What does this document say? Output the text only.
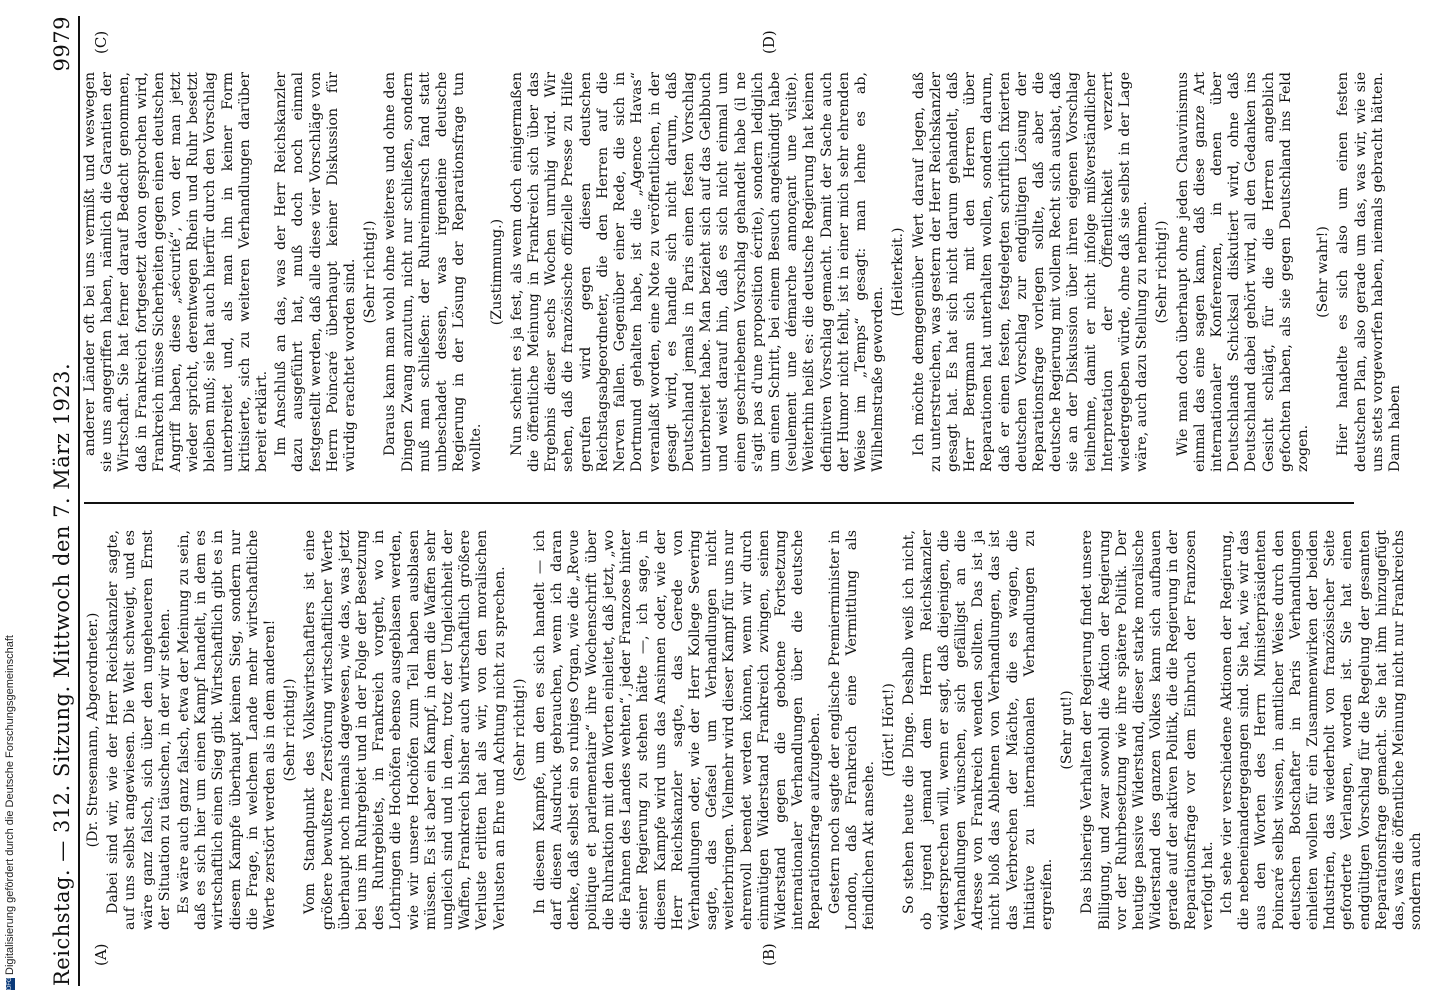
Reichstag. — 312. Sitzung. Mittwoch den 7. März 1923.
9979
(A)	(B)
(C)	(D)

(Dr. Stresemann, Abgeordneter.) Dabei sind wir, wie der Herr Reichskanzler sagte, auf uns selbst angewiesen. Die Welt schweigt, und es wäre ganz falsch, sich über den ungeheueren Ernst der Situation zu täuschen, in der wir stehen. Es wäre auch ganz falsch, etwa der Meinung zu sein, daß es sich hier um einen Kampf handelt, in dem es wirtschaftlich einen Sieg gibt. Wirtschaftlich gibt es in diesem Kampfe überhaupt keinen Sieg, sondern nur die Frage, in welchem Lande mehr wirtschaftliche Werte zerstört werden als in dem anderen! (Sehr richtig!) Vom Standpunkt des Volkswirtschaftlers ist eine größere bewußtere Zerstörung wirtschaftlicher Werte überhaupt noch niemals dagewesen, wie das, was jetzt bei uns im Ruhrgebiet und in der Folge der Besetzung des Ruhrgebiets, in Frankreich vorgeht, wo in Lothringen die Hochöfen ebenso ausgeblasen werden, wie wir unsere Hochöfen zum Teil haben ausblasen müssen. Es ist aber ein Kampf, in dem die Waffen sehr ungleich sind und in dem, trotz der Ungleichheit der Waffen, Frankreich bisher auch wirtschaftlich größere Verluste erlitten hat als wir, von den moralischen Verlusten an Ehre und Achtung nicht zu sprechen. (Sehr richtig!) In diesem Kampfe, um den es sich handelt — ich darf diesen Ausdruck gebrauchen, wenn ich daran denke, daß selbst ein so ruhiges Organ, wie die „Revue politique et parlementaire“ ihre Wochenschrift über die Ruhraktion mit den Worten einleitet, daß jetzt, „wo die Fahnen des Landes wehten“, jeder Franzose hinter seiner Regierung zu stehen hätte —, ich sage, in diesem Kampfe wird uns das Ansinnen oder, wie der Herr Reichskanzler sagte, das Gerede von Verhandlungen oder, wie der Herr Kollege Severing sagte, das Gefasel um Verhandlungen nicht weiterbringen. Vielmehr wird dieser Kampf für uns nur ehrenvoll beendet werden können, wenn wir durch einmütigen Widerstand Frankreich zwingen, seinen Widerstand gegen die gebotene Fortsetzung internationaler Verhandlungen über die deutsche Reparationsfrage aufzugeben. Gestern noch sagte der englische Premierminister in London, daß Frankreich eine Vermittlung als feindlichen Akt ansehe.

(Hört! Hört!) So stehen heute die Dinge. Deshalb weiß ich nicht, ob irgend jemand dem Herrn Reichskanzler widersprechen will, wenn er sagt, daß diejenigen, die Verhandlungen wünschen, sich gefälligst an die Adresse von Frankreich wenden sollten. Das ist ja nicht bloß das Ablehnen von Verhandlungen, das ist das Verbrechen der Mächte, die es wagen, die Initiative zu internationalen Verhandlungen zu ergreifen.

(Sehr gut!) Das bisherige Verhalten der Regierung findet unsere Billigung, und zwar sowohl die Aktion der Regierung vor der Ruhrbesetzung wie ihre spätere Politik. Der heutige passive Widerstand, dieser starke moralische Widerstand des ganzen Volkes kann sich aufbauen gerade auf der aktiven Politik, die die Regierung in der Reparationsfrage vor dem Einbruch der Franzosen verfolgt hat. Ich sehe vier verschiedene Aktionen der Regierung, die nebeneinandergegangen sind. Sie hat, wie wir das aus den Worten des Herrn Ministerpräsidenten Poincaré selbst wissen, in amtlicher Weise durch den deutschen Botschafter in Paris Verhandlungen einleiten wollen für ein Zusammenwirken der beiden Industrien, das wiederholt von französischer Seite geforderte Verlangen, worden ist. Sie hat einen endgültigen Vorschlag für die Regelung der gesamten Reparationsfrage gemacht. Sie hat ihm hinzugefügt das, was die öffentliche Meinung nicht nur Frankreichs sondern auch

anderer Länder oft bei uns vermißt und weswegen sie uns angegriffen haben, nämlich die Garantien der Wirtschaft. Sie hat ferner darauf Bedacht genommen, daß in Frankreich fortgesetzt davon gesprochen wird, Frankreich müsse Sicherheiten gegen einen deutschen Angriff haben, diese „sécurité“, von der man jetzt wieder spricht, derentwegen Rhein und Ruhr besetzt bleiben muß; sie hat auch hierfür durch den Vorschlag unterbreitet und, als man ihn in keiner Form kritisierte, sich zu weiteren Verhandlungen darüber bereit erklärt. Im Anschluß an das, was der Herr Reichskanzler dazu ausgeführt hat, muß doch noch einmal festgestellt werden, daß alle diese vier Vorschläge von Herrn Poincaré überhaupt keiner Diskussion für würdig erachtet worden sind. (Sehr richtig!) Daraus kann man wohl ohne weiteres und ohne den Dingen Zwang anzutun, nicht nur schließen, sondern muß man schließen: der Ruhreinmarsch fand statt unbeschadet dessen, was irgendeine deutsche Regierung in der Lösung der Reparationsfrage tun wollte.

(Zustimmung.) Nun scheint es ja fest, als wenn doch einigermaßen die öffentliche Meinung in Frankreich sich über das Ergebnis dieser sechs Wochen unruhig wird. Wir sehen, daß die französische offizielle Presse zu Hilfe gerufen wird gegen diesen deutschen Reichstagsabgeordneter, die den Herren auf die Nerven fallen. Gegenüber einer Rede, die sich in Dortmund gehalten habe, ist die „Agence Havas“ veranlaßt worden, eine Note zu veröffentlichen, in der gesagt wird, es handle sich nicht darum, daß Deutschland jemals in Paris einen festen Vorschlag unterbreitet habe. Man bezieht sich auf das Gelbbuch und weist darauf hin, daß es sich nicht einmal um einen geschriebenen Vorschlag gehandelt habe (il ne s'agit pas d'une proposition écrite), sondern lediglich um einen Schritt, bei einem Besuch angekündigt habe (seulement une démarche annonçant une visite). Weiterhin heißt es: die deutsche Regierung hat keinen definitiven Vorschlag gemacht. Damit der Sache auch der Humor nicht fehlt, ist in einer mich sehr ehrenden Weise im „Temps“ gesagt: man lehne es ab, Wilhelmstraße geworden.

(Heiterkeit.) Ich möchte demgegenüber Wert darauf legen, daß zu unterstreichen, was gestern der Herr Reichskanzler gesagt hat. Es hat sich nicht darum gehandelt, daß Herr Bergmann sich mit den Herren über Reparationen hat unterhalten wollen, sondern darum, daß er einen festen, festgelegten schriftlich fixierten deutschen Vorschlag zur endgültigen Lösung der Reparationsfrage vorlegen sollte, daß aber die deutsche Regierung mit vollem Recht sich ausbat, daß sie an der Diskussion über ihren eigenen Vorschlag teilnehme, damit er nicht infolge mißverständlicher Interpretation der Öffentlichkeit verzerrt wiedergegeben würde, ohne daß sie selbst in der Lage wäre, auch dazu Stellung zu nehmen. (Sehr richtig!) Wie man doch überhaupt ohne jeden Chauvinismus einmal das eine sagen kann, daß diese ganze Art internationaler Konferenzen, in denen über Deutschlands Schicksal diskutiert wird, ohne daß Deutschland dabei gehört wird, all den Gedanken ins Gesicht schlägt, für die die Herren angeblich gefochten haben, als sie gegen Deutschland ins Feld zogen.

(Sehr wahr!) Hier handelte es sich also um einen festen deutschen Plan, also gerade um das, was wir, wie sie uns stets vorgeworfen haben, niemals gebracht hätten. Dann haben

DFGDigitalisierung gefördert durch die Deutsche Forschungsgemeinschaft
